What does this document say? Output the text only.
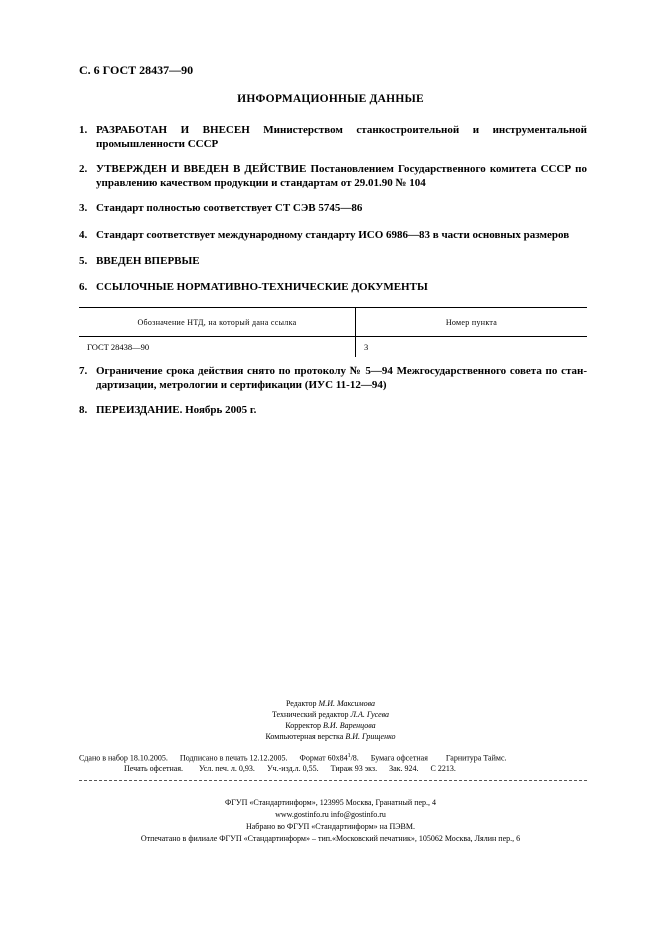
С. 6 ГОСТ 28437—90
ИНФОРМАЦИОННЫЕ ДАННЫЕ
1. РАЗРАБОТАН И ВНЕСЕН Министерством станкостроительной и инструментальной промышленности СССР
2. УТВЕРЖДЕН И ВВЕДЕН В ДЕЙСТВИЕ Постановлением Государственного комитета СССР по управлению качеством продукции и стандартам от 29.01.90 № 104
3. Стандарт полностью соответствует СТ СЭВ 5745—86
4. Стандарт соответствует международному стандарту ИСО 6986—83 в части основных размеров
5. ВВЕДЕН ВПЕРВЫЕ
6. ССЫЛОЧНЫЕ НОРМАТИВНО-ТЕХНИЧЕСКИЕ ДОКУМЕНТЫ
Обозначение НТД, на который дана ссылка	Номер пункта
ГОСТ 28438—90	3
7. Ограничение срока действия снято по протоколу № 5—94 Межгосударственного совета по стандартизации, метрологии и сертификации (ИУС 11-12—94)
8. ПЕРЕИЗДАНИЕ. Ноябрь 2005 г.
Редактор М.И. Максимова
Технический редактор Л.А. Гусева
Корректор В.И. Варенцова
Компьютерная верстка В.И. Грищенко
Сдано в набор 18.10.2005. Подписано в печать 12.12.2005. Формат $60x84^1/8$.      Бумага офсетная Гарнитура Таймс.
Печать офсетная. Усл. печ. л. 0,93. Уч.-изд.л. 0,55. Тираж 93 экз. Зак. 924. С 2213.
ФГУП «Стандартинформ», 123995 Москва, Гранатный пер., 4
www.gostinfo.ru info@gostinfo.ru
Набрано во ФГУП «Стандартинформ» на ПЭВМ.
Отпечатано в филиале ФГУП «Стандартинформ» – тип.«Московский печатник», 105062 Москва, Лялин пер., 6
